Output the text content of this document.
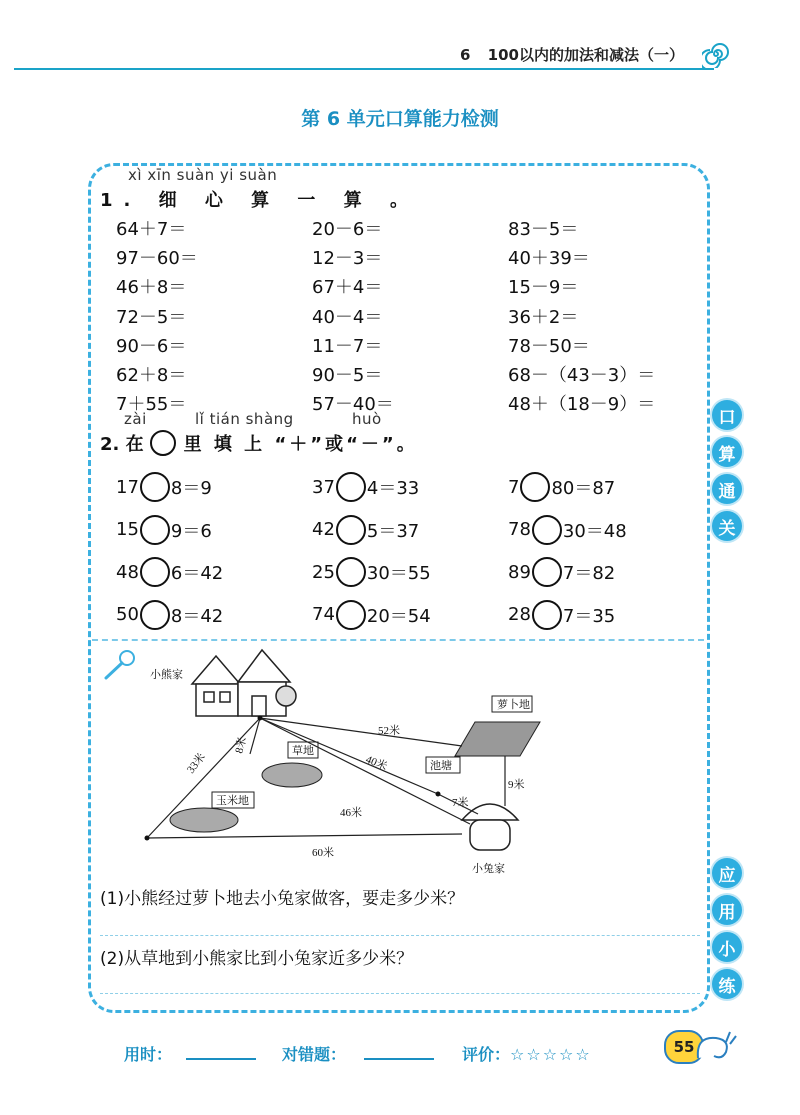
6 100以内的加法和减法（一）
第 6 单元口算能力检测
xì xīn suàn yi suàn
1. 细 心 算 一 算 。
64＋7＝	20－6＝	83－5＝
97－60＝	12－3＝	40＋39＝
46＋8＝	67＋4＝	15－9＝
72－5＝	40－4＝	36＋2＝
90－6＝	11－7＝	78－50＝
62＋8＝	90－5＝	68－（43－3）＝
7＋55＝	57－40＝	48＋（18－9）＝
zài	lǐ tián shàng	huò
2. 在 里 填 上 “＋”或“－”。
17 8＝9	37 4＝33	7 80＝87
15 9＝6	42 5＝37	78 30＝48
48 6＝42	25 30＝55	89 7＝82
50 8＝42	74 20＝54	28 7＝35
口
算
通
关
应
用
小
练
小熊家
萝卜地
草地
池塘
玉米地
小兔家
52米
33米
8米
40米
9米
7米
46米
60米
(1)小熊经过萝卜地去小兔家做客，要走多少米？
(2)从草地到小熊家比到小兔家近多少米？
用时：	对错题：	评价：☆☆☆☆☆	55
